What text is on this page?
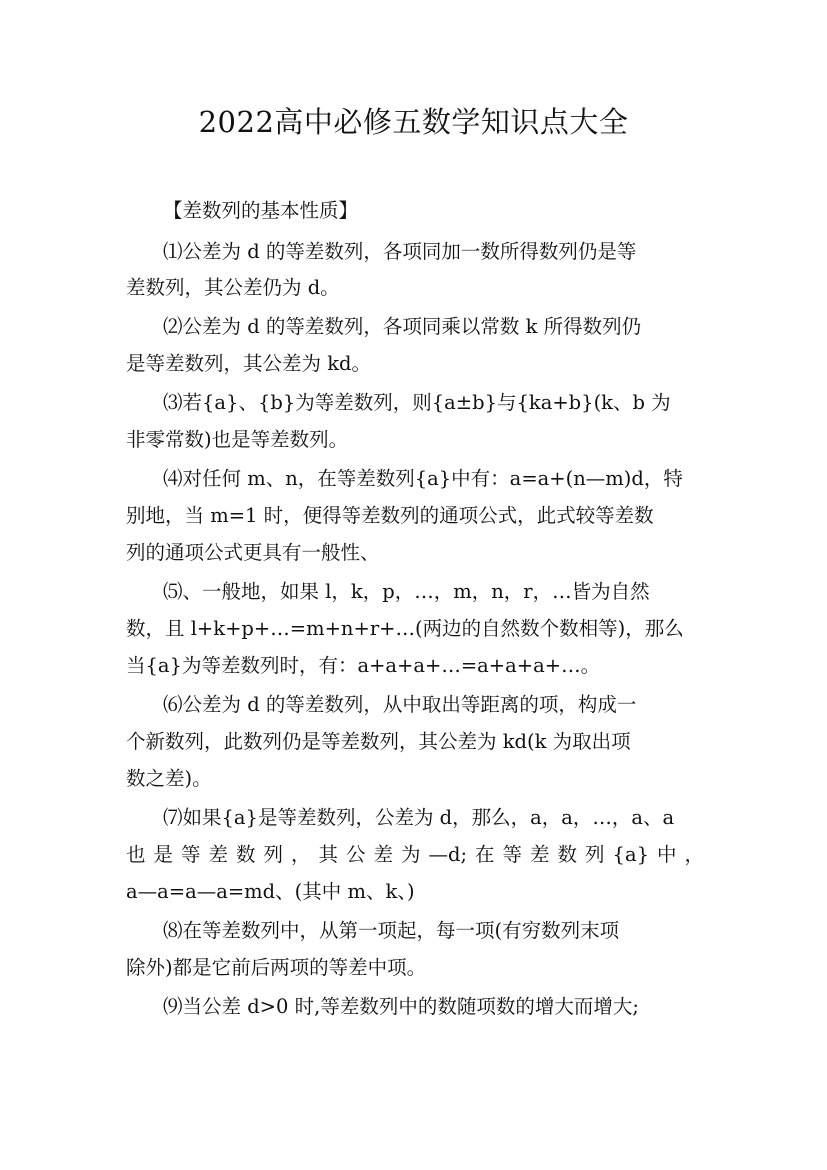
2022高中必修五数学知识点大全
【差数列的基本性质】
⑴公差为 d 的等差数列，各项同加一数所得数列仍是等
差数列，其公差仍为 d。
⑵公差为 d 的等差数列，各项同乘以常数 k 所得数列仍
是等差数列，其公差为 kd。
⑶若{a}、{b}为等差数列，则{a±b}与{ka+b}(k、b 为
非零常数)也是等差数列。
⑷对任何 m、n，在等差数列{a}中有：a=a+(n—m)d，特
别地，当 m=1 时，便得等差数列的通项公式，此式较等差数
列的通项公式更具有一般性、
⑸、一般地，如果 l，k，p，…，m，n，r，…皆为自然
数，且 l+k+p+…=m+n+r+…(两边的自然数个数相等)，那么
当{a}为等差数列时，有：a+a+a+…=a+a+a+…。
⑹公差为 d 的等差数列，从中取出等距离的项，构成一
个新数列，此数列仍是等差数列，其公差为 kd(k 为取出项
数之差)。
⑺如果{a}是等差数列，公差为 d，那么，a，a，…，a、a
也是等差数列，其公差为—d;在等差数列{a}中，
a—a=a—a=md、(其中 m、k、)
⑻在等差数列中，从第一项起，每一项(有穷数列末项
除外)都是它前后两项的等差中项。
⑼当公差 d>0 时,等差数列中的数随项数的增大而增大;
